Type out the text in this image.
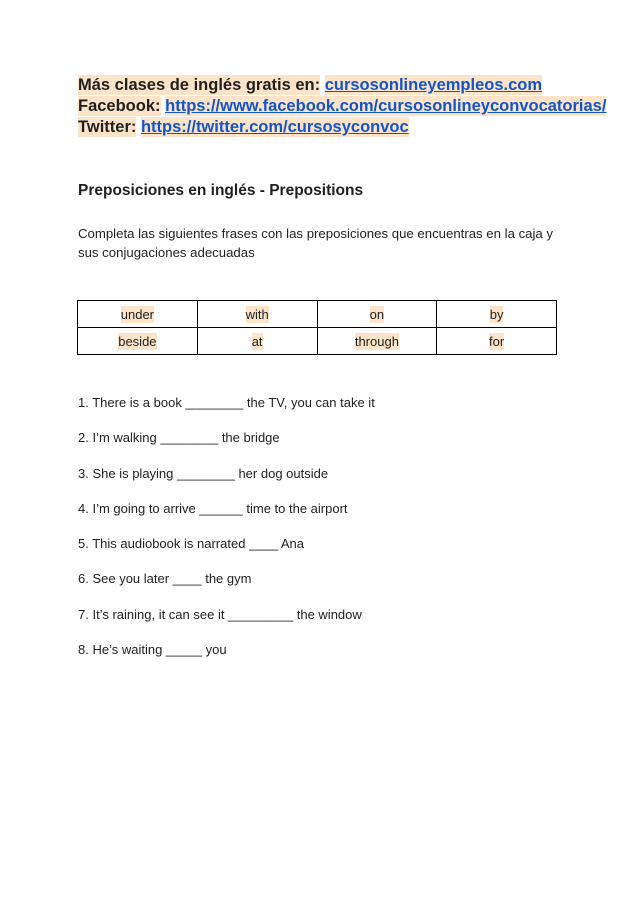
Más clases de inglés gratis en: cursosonlineyempleos.com
Facebook: https://www.facebook.com/cursosonlineyconvocatorias/
Twitter: https://twitter.com/cursosyconvoc
Preposiciones en inglés - Prepositions
Completa las siguientes frases con las preposiciones que encuentras en la caja y sus conjugaciones adecuadas
under	with	on	by
beside	at	through	for
1. There is a book ________ the TV, you can take it
2. I’m walking ________ the bridge
3. She is playing ________ her dog outside
4. I’m going to arrive ______ time to the airport
5. This audiobook is narrated ____ Ana
6. See you later ____ the gym
7. It’s raining, it can see it _________ the window
8. He’s waiting _____ you
